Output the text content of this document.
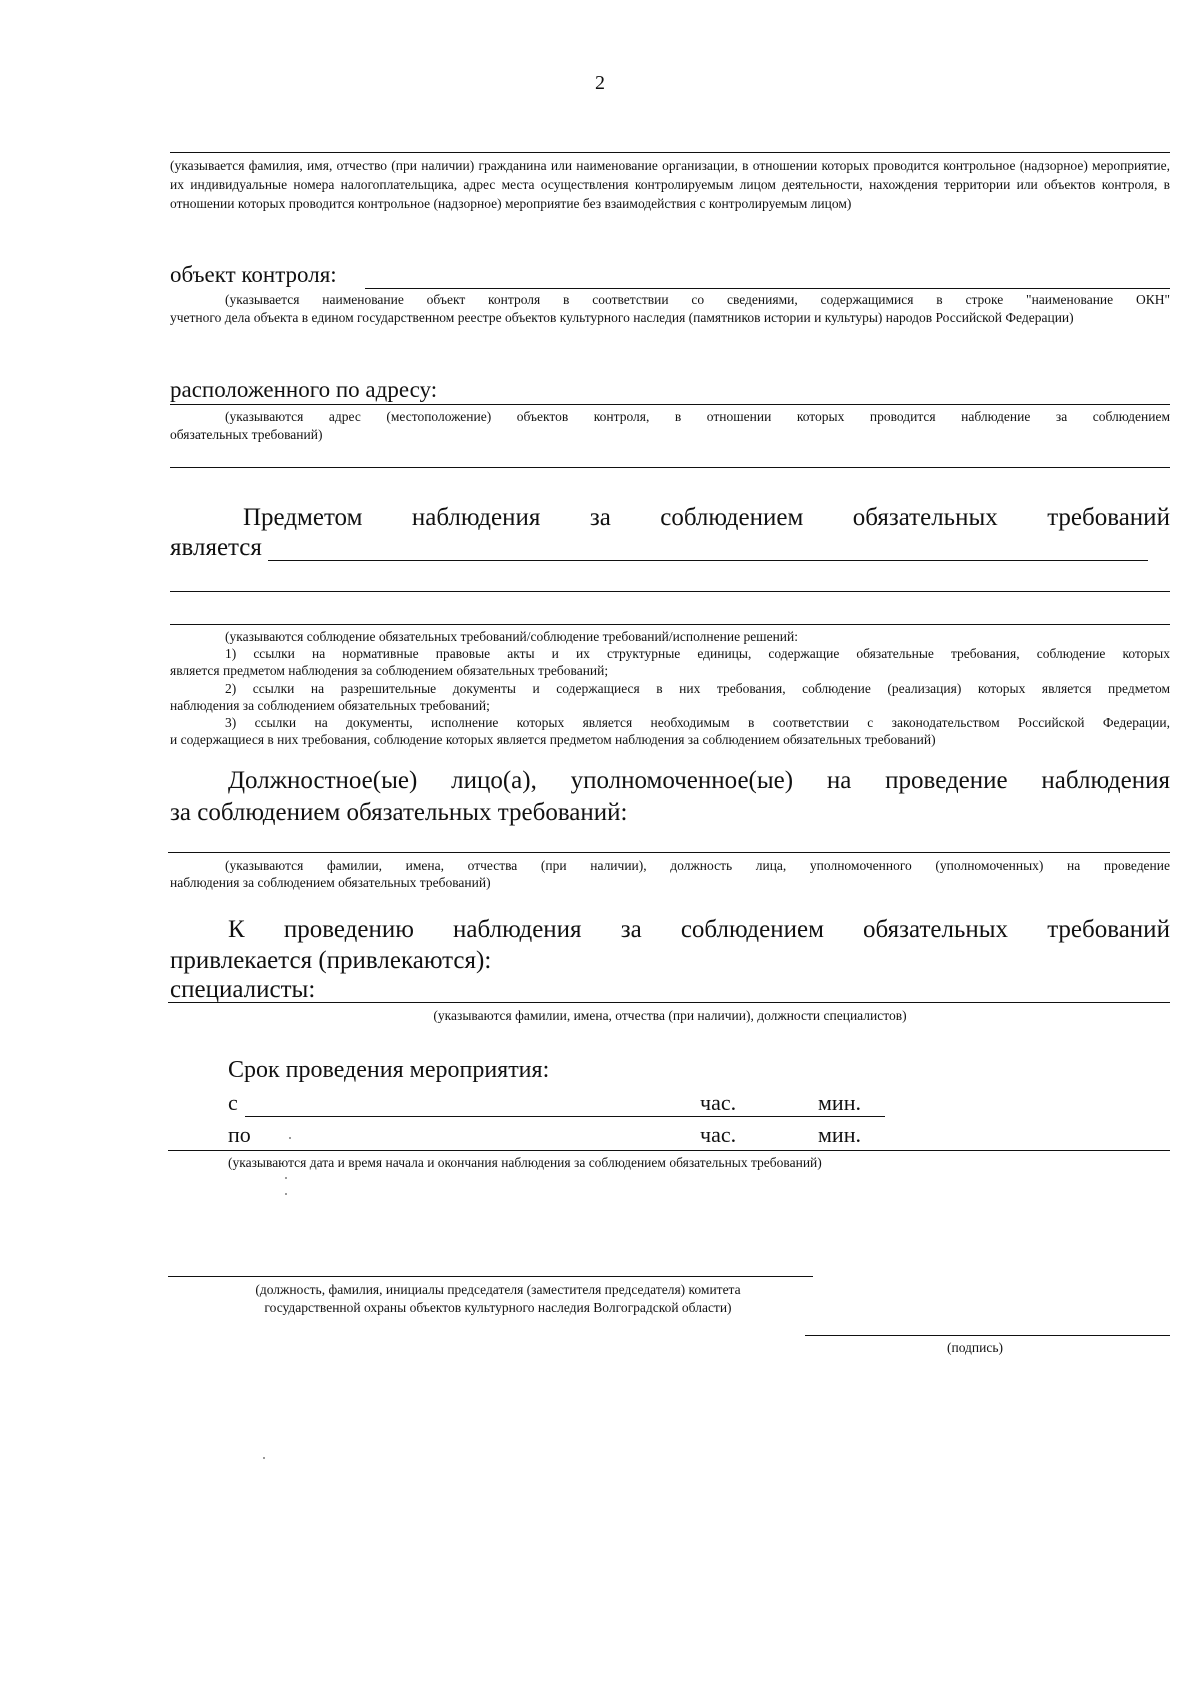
2
(указывается фамилия, имя, отчество (при наличии) гражданина или наименование организации, в отношении которых проводится контрольное (надзорное) мероприятие, их индивидуальные номера налогоплательщика, адрес места осуществления контролируемым лицом деятельности, нахождения территории или объектов контроля, в отношении которых проводится контрольное (надзорное) мероприятие без взаимодействия с контролируемым лицом)
объект контроля:
(указывается наименование объект контроля в соответствии со сведениями, содержащимися в строке "наименование ОКН"
учетного дела объекта в едином государственном реестре объектов культурного наследия (памятников истории и культуры) народов Российской Федерации)
расположенного по адресу:
(указываются адрес (местоположение) объектов контроля, в отношении которых проводится наблюдение за соблюдением
обязательных требований)
Предметом наблюдения за соблюдением обязательных требований
является
(указываются соблюдение обязательных требований/соблюдение требований/исполнение решений:
1) ссылки на нормативные правовые акты и их структурные единицы, содержащие обязательные требования, соблюдение которых
является предметом наблюдения за соблюдением обязательных требований;
2) ссылки на разрешительные документы и содержащиеся в них требования, соблюдение (реализация) которых является предметом
наблюдения за соблюдением обязательных требований;
3) ссылки на документы, исполнение которых является необходимым в соответствии с законодательством Российской Федерации,
и содержащиеся в них требования, соблюдение которых является предметом наблюдения за соблюдением обязательных требований)
Должностное(ые) лицо(а), уполномоченное(ые) на проведение наблюдения
за соблюдением обязательных требований:
(указываются фамилии, имена, отчества (при наличии), должность лица, уполномоченного (уполномоченных) на проведение
наблюдения за соблюдением обязательных требований)
К проведению наблюдения за соблюдением обязательных требований
привлекается (привлекаются):
специалисты:
(указываются фамилии, имена, отчества (при наличии), должности специалистов)
Срок проведения мероприятия:
с	час.	мин.
по	час.	мин.
(указываются дата и время начала и окончания наблюдения за соблюдением обязательных требований)
(должность, фамилия, инициалы председателя (заместителя председателя) комитета
государственной охраны объектов культурного наследия Волгоградской области)
(подпись)
